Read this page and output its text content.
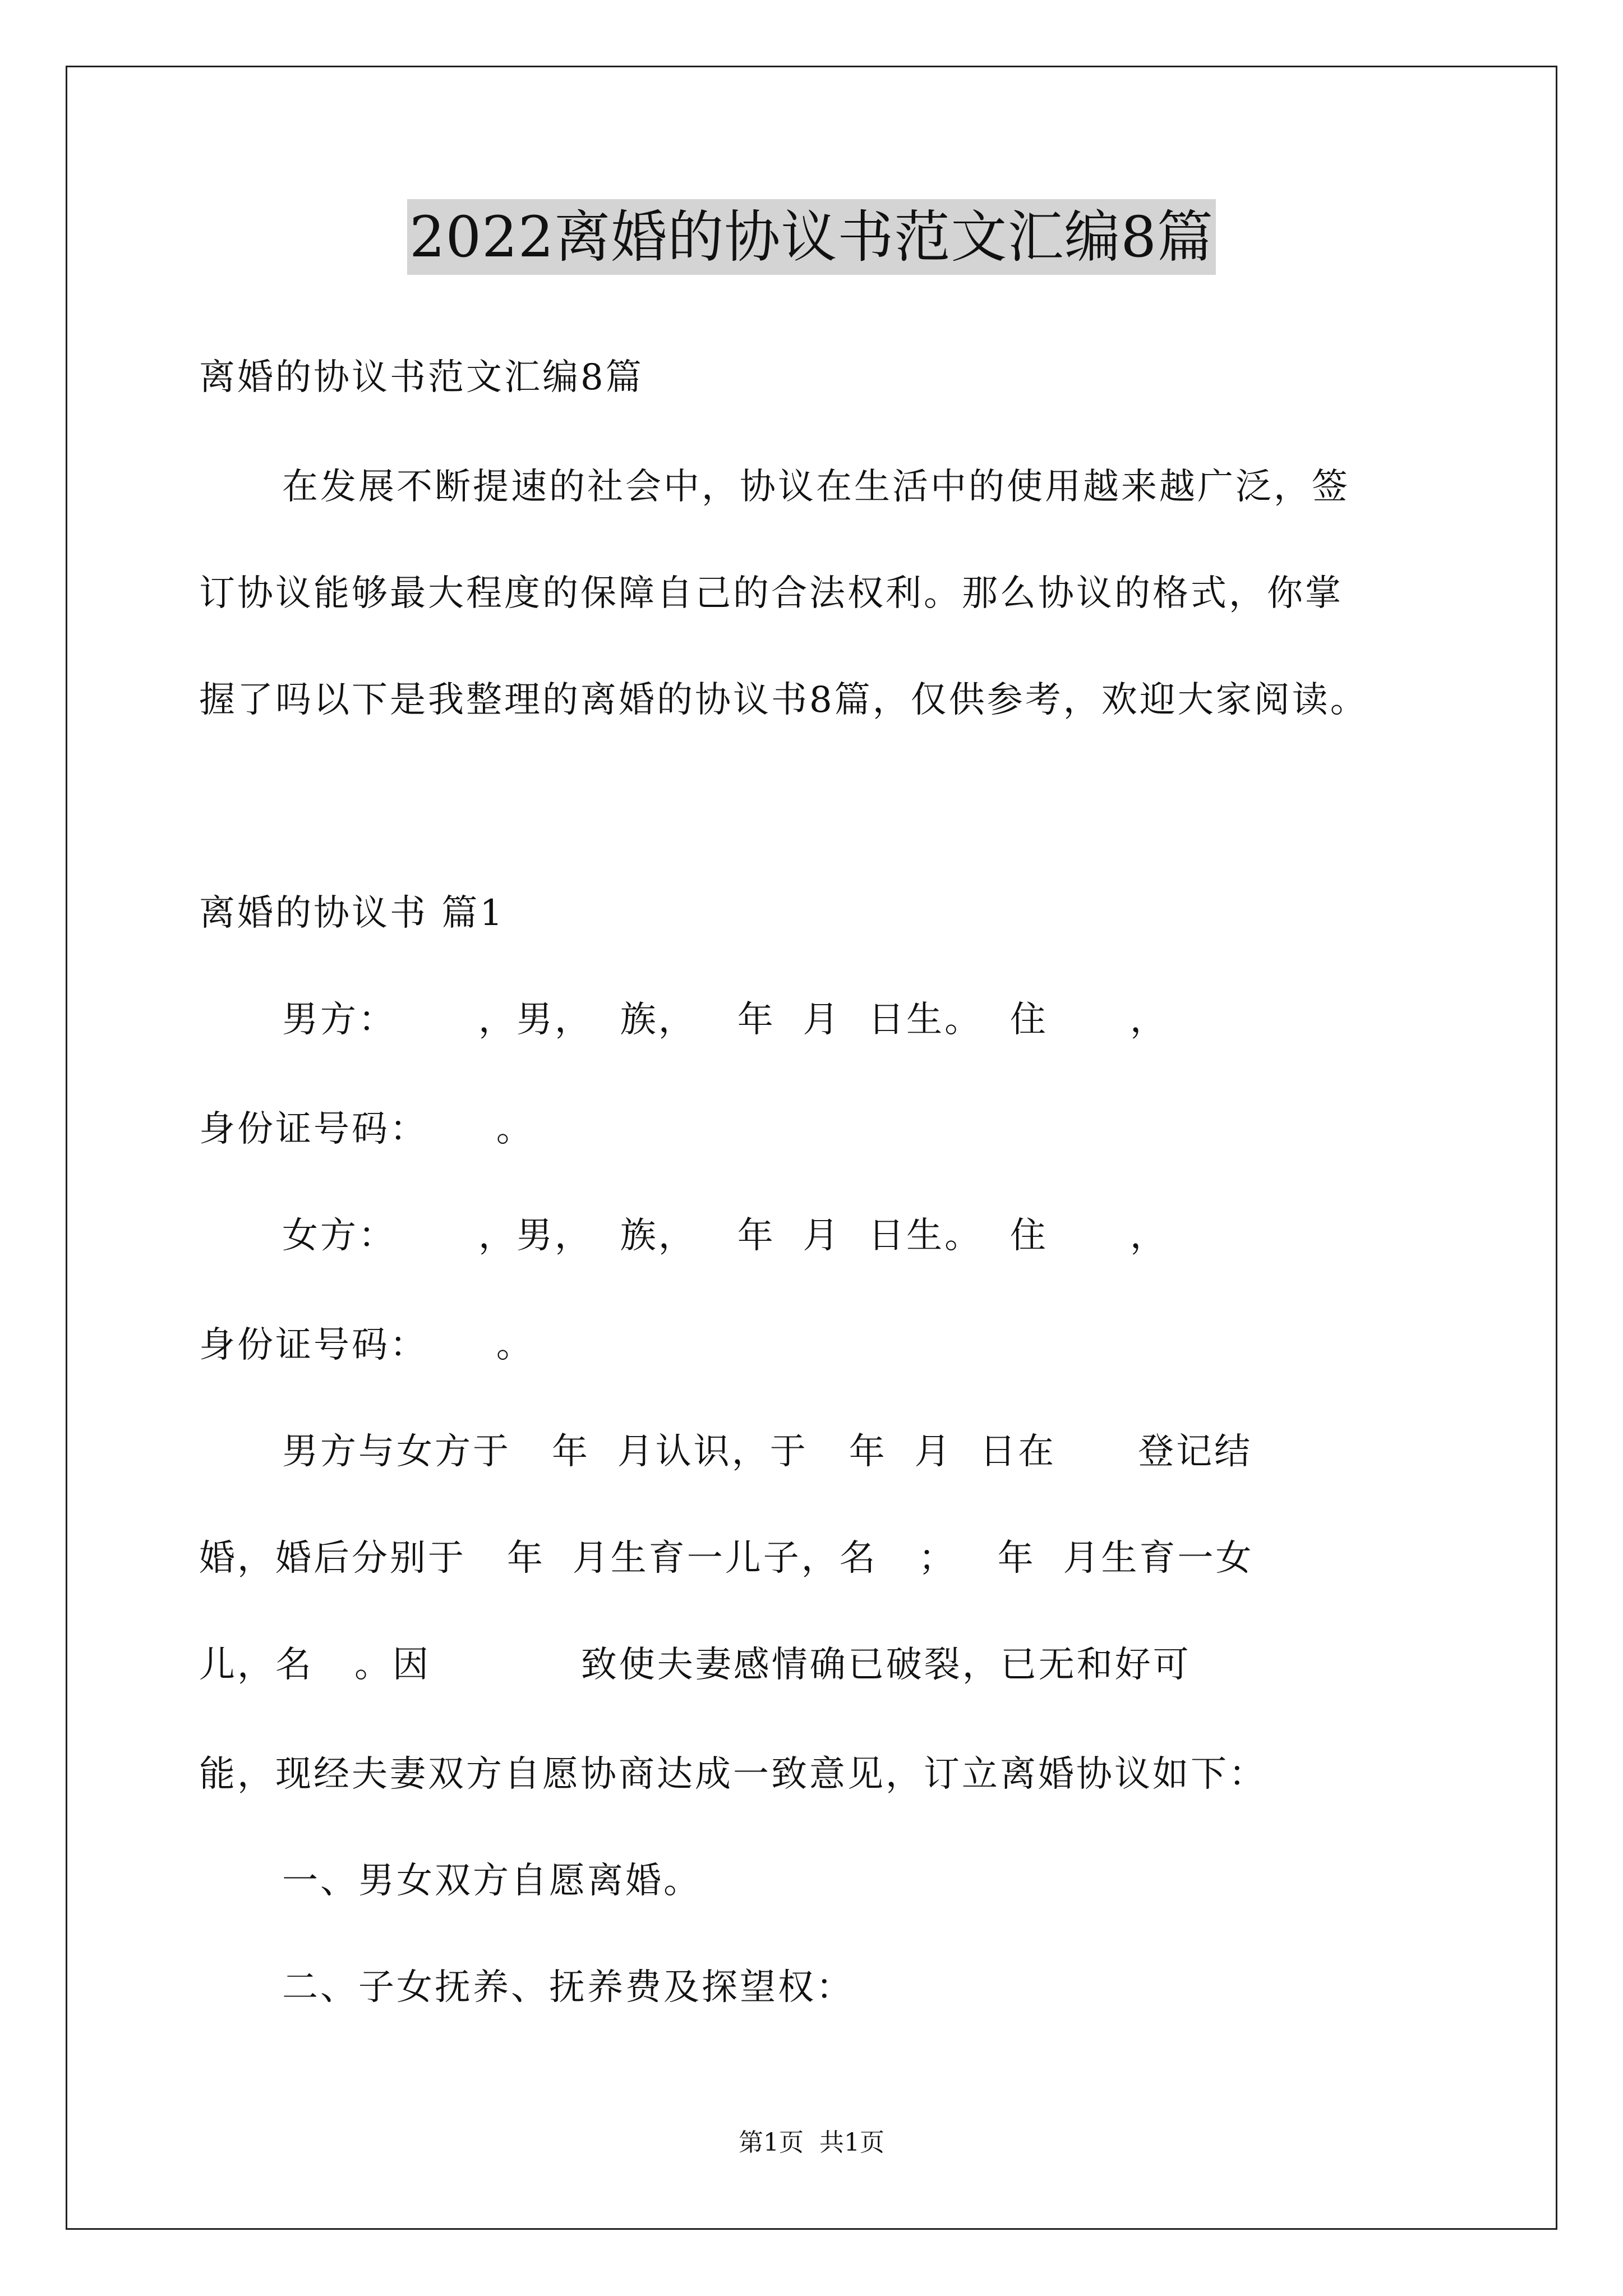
2022离婚的协议书范文汇编8篇

离婚的协议书范文汇编8篇

在发展不断提速的社会中，协议在生活中的使用越来越广泛，签

订协议能够最大程度的保障自己的合法权利。那么协议的格式，你掌

握了吗以下是我整理的离婚的协议书8篇，仅供参考，欢迎大家阅读。

离婚的协议书 篇1

男方：      ，男，  族，   年  月  日生。  住      ，

身份证号码：     。

女方：      ，男，  族，   年  月  日生。  住      ，

身份证号码：     。

男方与女方于   年  月认识，于   年  月  日在      登记结

婚，婚后分别于   年  月生育一儿子，名   ；   年  月生育一女

儿，名   。因           致使夫妻感情确已破裂，已无和好可

能，现经夫妻双方自愿协商达成一致意见，订立离婚协议如下：

一、男女双方自愿离婚。

二、子女抚养、抚养费及探望权：

第1页  共1页
